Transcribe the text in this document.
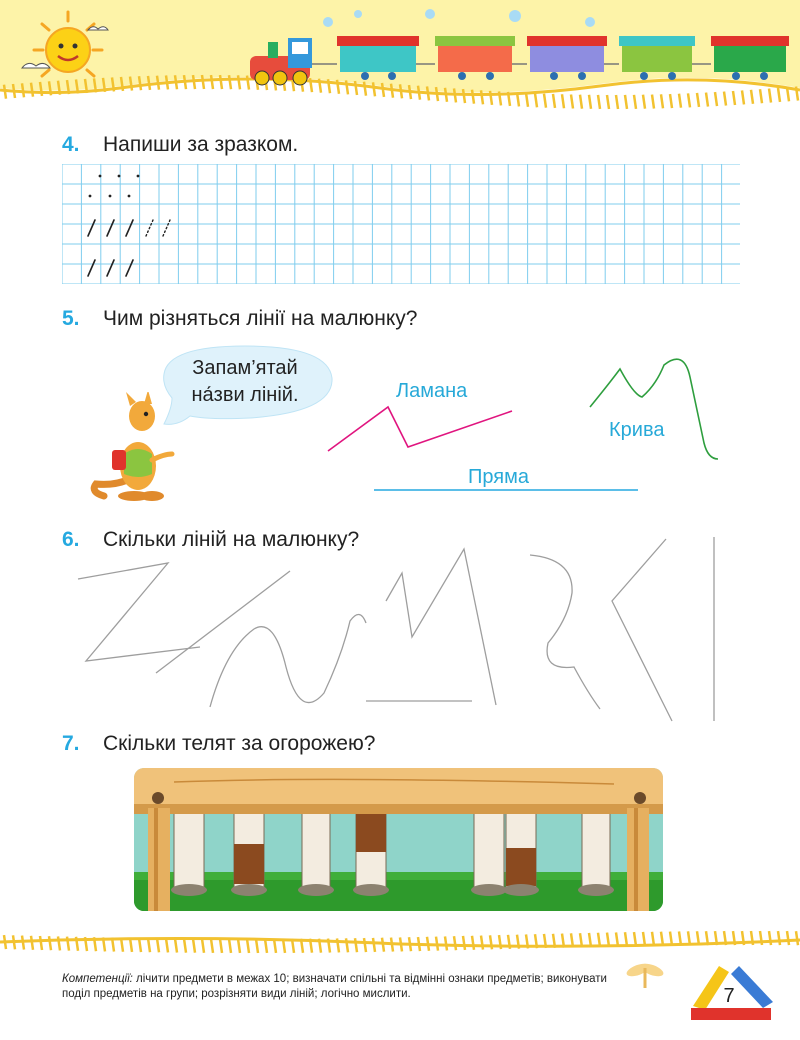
4. Напиши за зразком.
5. Чим різняться лінії на малюнку?
Запам’ятай
на́зви ліній.	Ламана
Крива
Пряма
6. Скільки ліній на малюнку?
7. Скільки телят за огорожею?

Компетенції: лічити предмети в межах 10; визначати спільні та відмінні ознаки предметів; виконувати поділ предметів на групи; розрізняти види ліній; логічно мислити.	7
